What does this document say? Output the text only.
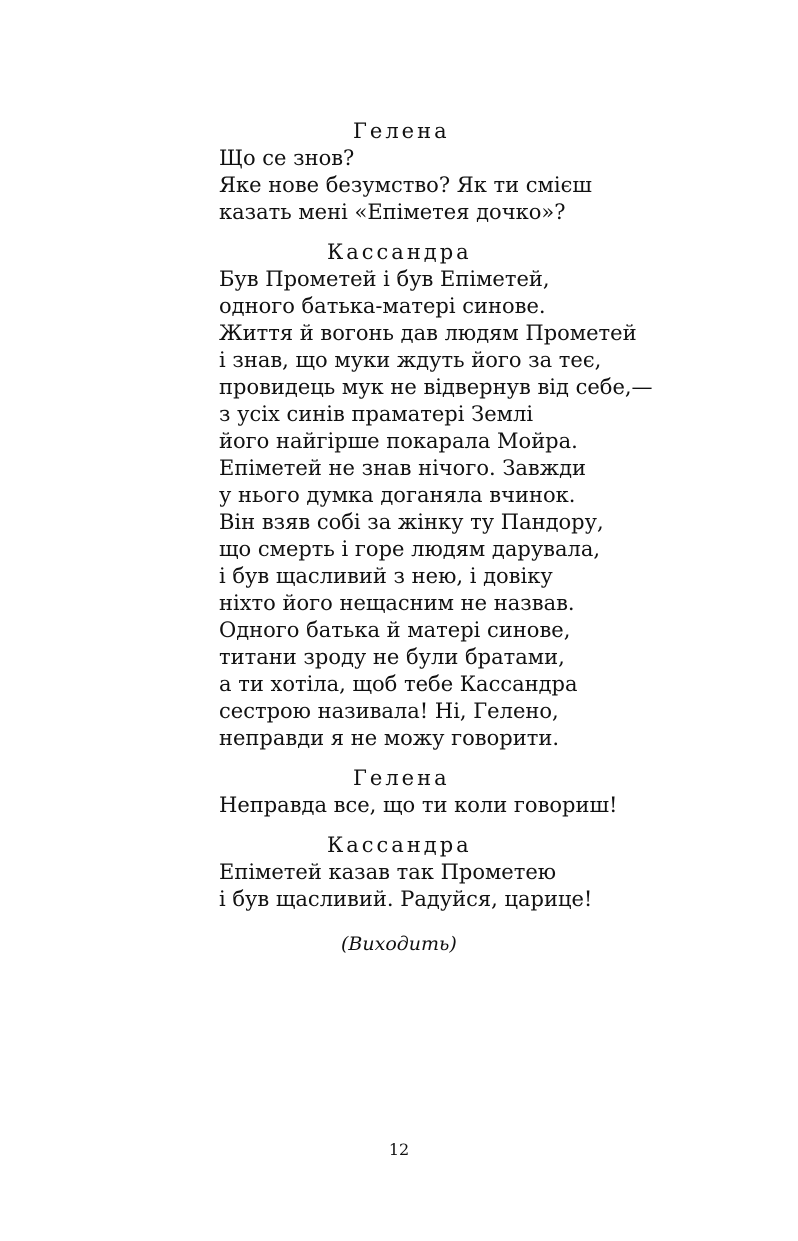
Гелена
Що се знов?
Яке нове безумство? Як ти смієш
казать мені «Епіметея дочко»?
Кассандра
Був Прометей і був Епіметей,
одного батька-матері синове.
Життя й вогонь дав людям Прометей
і знав, що муки ждуть його за теє,
провидець мук не відвернув від себе,—
з усіх синів праматері Землі
його найгірше покарала Мойра.
Епіметей не знав нічого. Завжди
у нього думка доганяла вчинок.
Він взяв собі за жінку ту Пандору,
що смерть і горе людям дарувала,
і був щасливий з нею, і довіку
ніхто його нещасним не назвав.
Одного батька й матері синове,
титани зроду не були братами,
а ти хотіла, щоб тебе Кассандра
сестрою називала! Ні, Гелено,
неправди я не можу говорити.
Гелена
Неправда все, що ти коли говориш!
Кассандра
Епіметей казав так Прометею
і був щасливий. Радуйся, царице!
(Виходить)
12
